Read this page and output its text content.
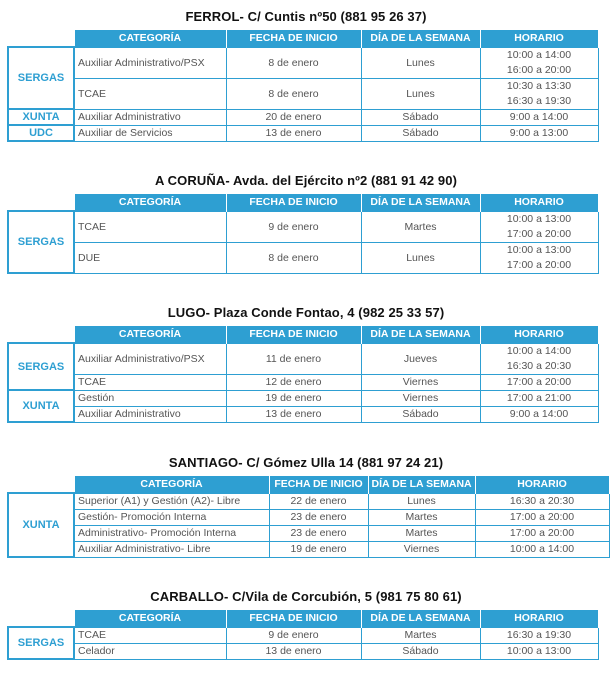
FERROL- C/ Cuntis nº50 (881 95 26 37)
	CATEGORÍA	FECHA DE INICIO	DÍA DE LA SEMANA	HORARIO
SERGAS	Auxiliar Administrativo/PSX	8 de enero	Lunes	10:00 a 14:00
16:00 a 20:00

	TCAE	8 de enero	Lunes	10:30 a 13:30
16:30 a 19:30

XUNTA	Auxiliar Administrativo	20 de enero	Sábado	9:00 a 14:00

UDC	Auxiliar de Servicios	13 de enero	Sábado	9:00 a 13:00
A CORUÑA- Avda. del Ejército nº2 (881 91 42 90)
	CATEGORÍA	FECHA DE INICIO	DÍA DE LA SEMANA	HORARIO
SERGAS	TCAE	9 de enero	Martes	10:00 a 13:00
17:00 a 20:00

	DUE	8 de enero	Lunes	10:00 a 13:00
17:00 a 20:00
LUGO- Plaza Conde Fontao, 4 (982 25 33 57)
	CATEGORÍA	FECHA DE INICIO	DÍA DE LA SEMANA	HORARIO
SERGAS	Auxiliar Administrativo/PSX	11 de enero	Jueves	10:00 a 14:00
16:30 a 20:30

	TCAE	12 de enero	Viernes	17:00 a 20:00

XUNTA	Gestión	19 de enero	Viernes	17:00 a 21:00

	Auxiliar Administrativo	13 de enero	Sábado	9:00 a 14:00
SANTIAGO- C/ Gómez Ulla 14 (881 97 24 21)
	CATEGORÍA	FECHA DE INICIO	DÍA DE LA SEMANA	HORARIO
XUNTA	Superior (A1) y Gestión (A2)- Libre	22 de enero	Lunes	16:30 a 20:30

	Gestión- Promoción Interna	23 de enero	Martes	17:00 a 20:00

	Administrativo- Promoción Interna	23 de enero	Martes	17:00 a 20:00

	Auxiliar Administrativo- Libre	19 de enero	Viernes	10:00 a 14:00
CARBALLO- C/Vila de Corcubión, 5 (981 75 80 61)
	CATEGORÍA	FECHA DE INICIO	DÍA DE LA SEMANA	HORARIO
SERGAS	TCAE	9 de enero	Martes	16:30 a 19:30

	Celador	13 de enero	Sábado	10:00 a 13:00
